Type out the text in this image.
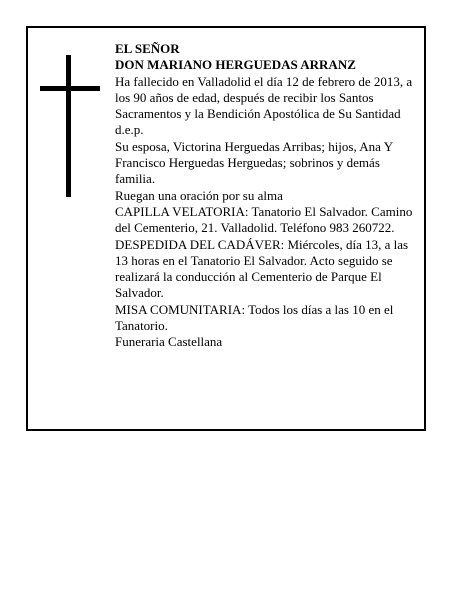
EL SEÑOR

DON MARIANO HERGUEDAS ARRANZ

Ha fallecido en Valladolid el día 12 de febrero de 2013, a los 90 años de edad, después de recibir los Santos Sacramentos y la Bendición Apostólica de Su Santidad d.e.p.

Su esposa, Victorina Herguedas Arribas; hijos, Ana Y Francisco Herguedas Herguedas; sobrinos y demás familia.

Ruegan una oración por su alma

CAPILLA VELATORIA: Tanatorio El Salvador. Camino del Cementerio, 21. Valladolid. Teléfono 983 260722.

DESPEDIDA DEL CADÁVER: Miércoles, día 13, a las 13 horas en el Tanatorio El Salvador. Acto seguido se realizará la conducción al Cementerio de Parque El Salvador.

MISA COMUNITARIA: Todos los días a las 10 en el Tanatorio.

Funeraria Castellana
